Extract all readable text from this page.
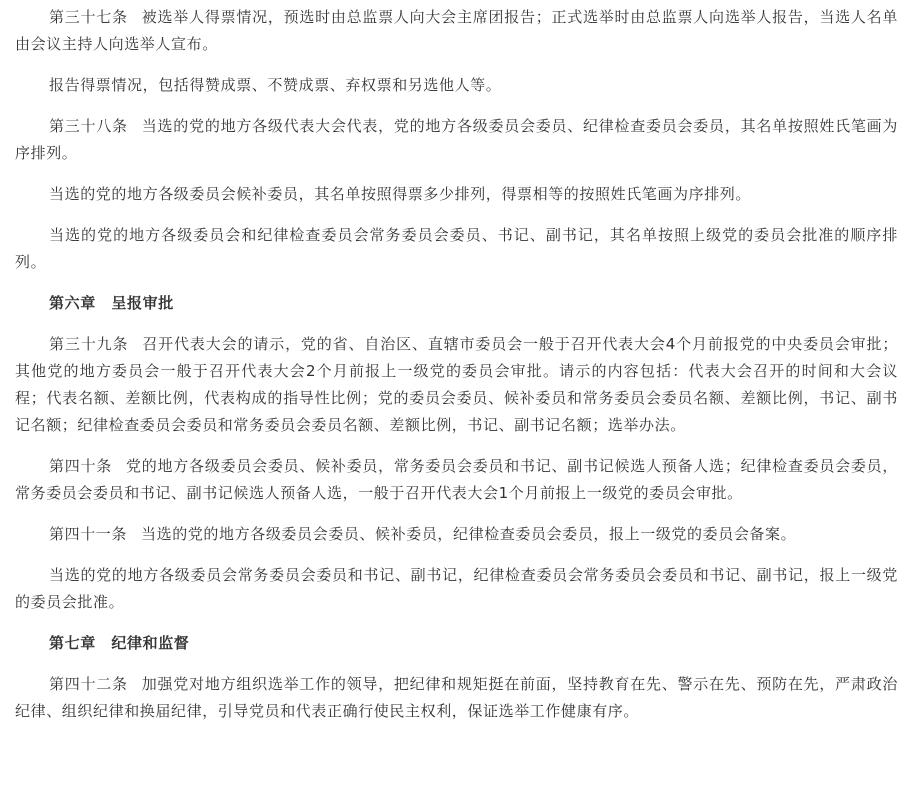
第三十七条 被选举人得票情况，预选时由总监票人向大会主席团报告；正式选举时由总监票人向选举人报告，当选人名单由会议主持人向选举人宣布。

报告得票情况，包括得赞成票、不赞成票、弃权票和另选他人等。

第三十八条 当选的党的地方各级代表大会代表，党的地方各级委员会委员、纪律检查委员会委员，其名单按照姓氏笔画为序排列。

当选的党的地方各级委员会候补委员，其名单按照得票多少排列，得票相等的按照姓氏笔画为序排列。

当选的党的地方各级委员会和纪律检查委员会常务委员会委员、书记、副书记，其名单按照上级党的委员会批准的顺序排列。

第六章　呈报审批

第三十九条 召开代表大会的请示，党的省、自治区、直辖市委员会一般于召开代表大会4个月前报党的中央委员会审批；其他党的地方委员会一般于召开代表大会2个月前报上一级党的委员会审批。请示的内容包括：代表大会召开的时间和大会议程；代表名额、差额比例，代表构成的指导性比例；党的委员会委员、候补委员和常务委员会委员名额、差额比例，书记、副书记名额；纪律检查委员会委员和常务委员会委员名额、差额比例，书记、副书记名额；选举办法。

第四十条 党的地方各级委员会委员、候补委员，常务委员会委员和书记、副书记候选人预备人选；纪律检查委员会委员，常务委员会委员和书记、副书记候选人预备人选，一般于召开代表大会1个月前报上一级党的委员会审批。

第四十一条 当选的党的地方各级委员会委员、候补委员，纪律检查委员会委员，报上一级党的委员会备案。

当选的党的地方各级委员会常务委员会委员和书记、副书记，纪律检查委员会常务委员会委员和书记、副书记，报上一级党的委员会批准。

第七章　纪律和监督

第四十二条 加强党对地方组织选举工作的领导，把纪律和规矩挺在前面，坚持教育在先、警示在先、预防在先，严肃政治纪律、组织纪律和换届纪律，引导党员和代表正确行使民主权利，保证选举工作健康有序。
